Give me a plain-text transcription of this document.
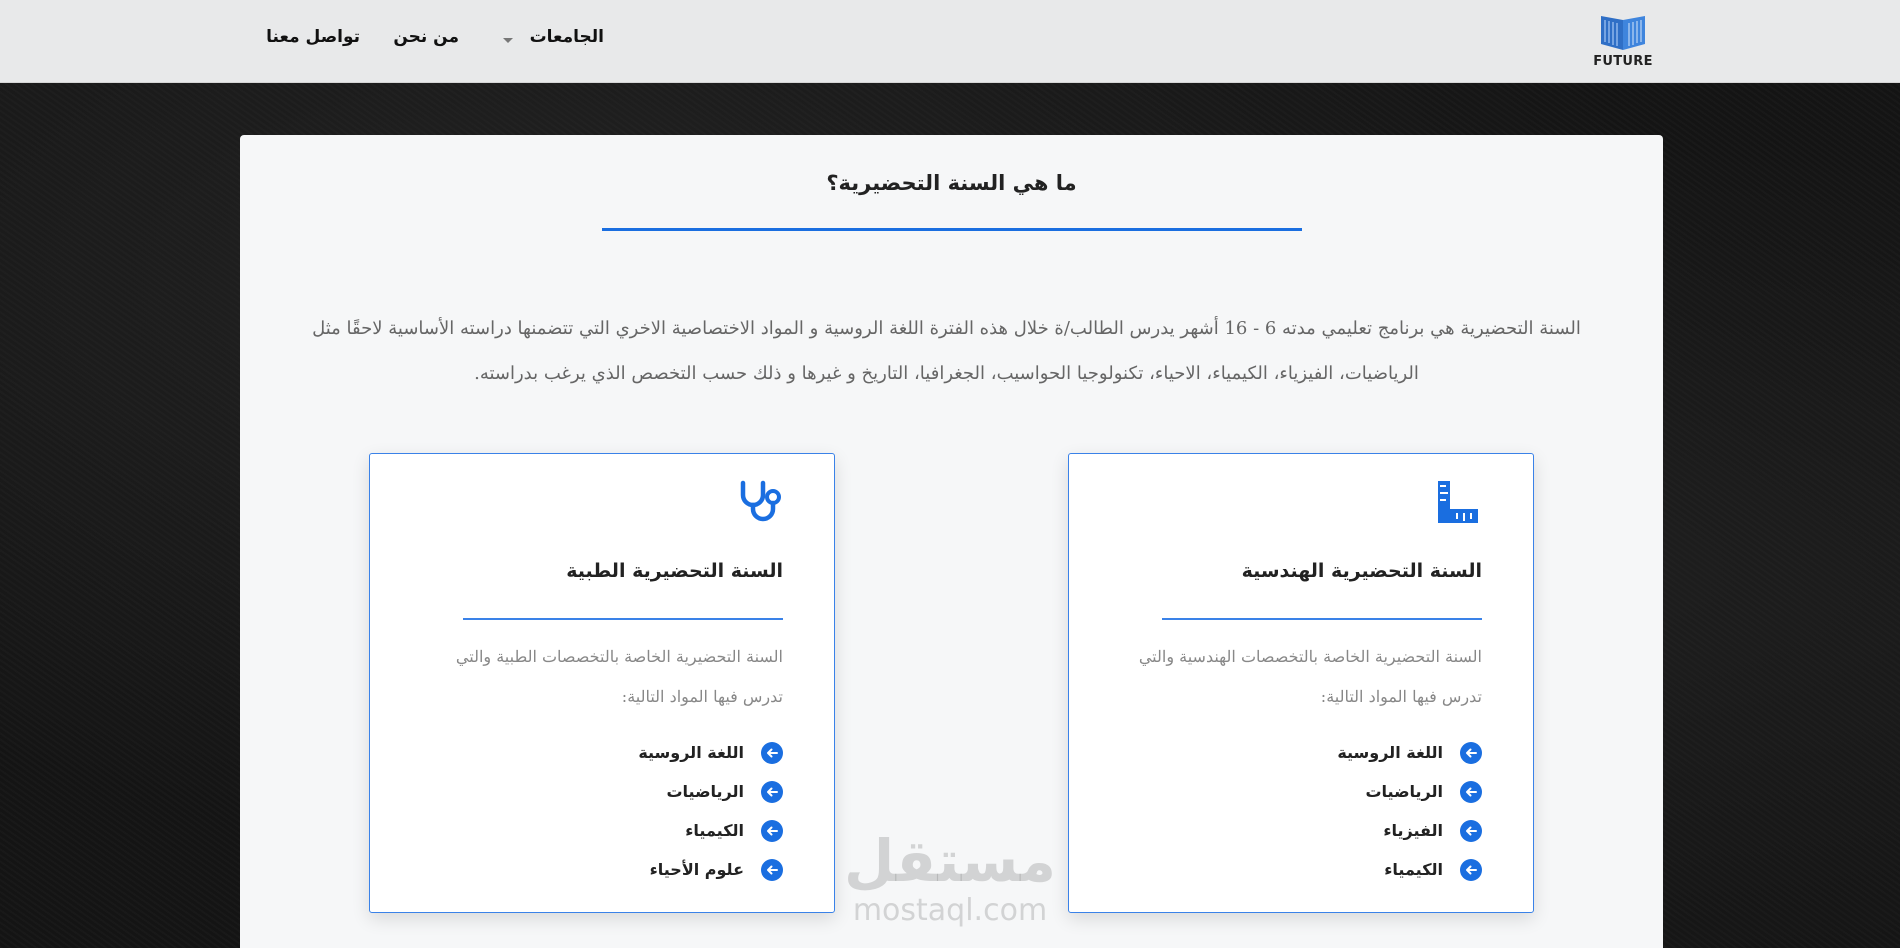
FUTURE
الجامعات
من نحن
تواصل معنا
ما هي السنة التحضيرية؟

السنة التحضيرية هي برنامج تعليمي مدته 6 - 16 أشهر يدرس الطالب/ة خلال هذه الفترة اللغة الروسية و المواد الاختصاصية الاخري التي تتضمنها دراسته الأساسية لاحقًا مثل الرياضيات، الفيزياء، الكيمياء، الاحياء، تكنولوجيا الحواسيب، الجغرافيا، التاريخ و غيرها و ذلك حسب التخصص الذي يرغب بدراسته.

السنة التحضيرية الهندسية

السنة التحضيرية الخاصة بالتخصصات الهندسية والتي تدرس فيها المواد التالية:

اللغة الروسية
الرياضيات
الفيزياء
الكيمياء
السنة التحضيرية الطبية

السنة التحضيرية الخاصة بالتخصصات الطبية والتي تدرس فيها المواد التالية:

اللغة الروسية
الرياضيات
الكيمياء
علوم الأحياء مستقل
mostaql.com
